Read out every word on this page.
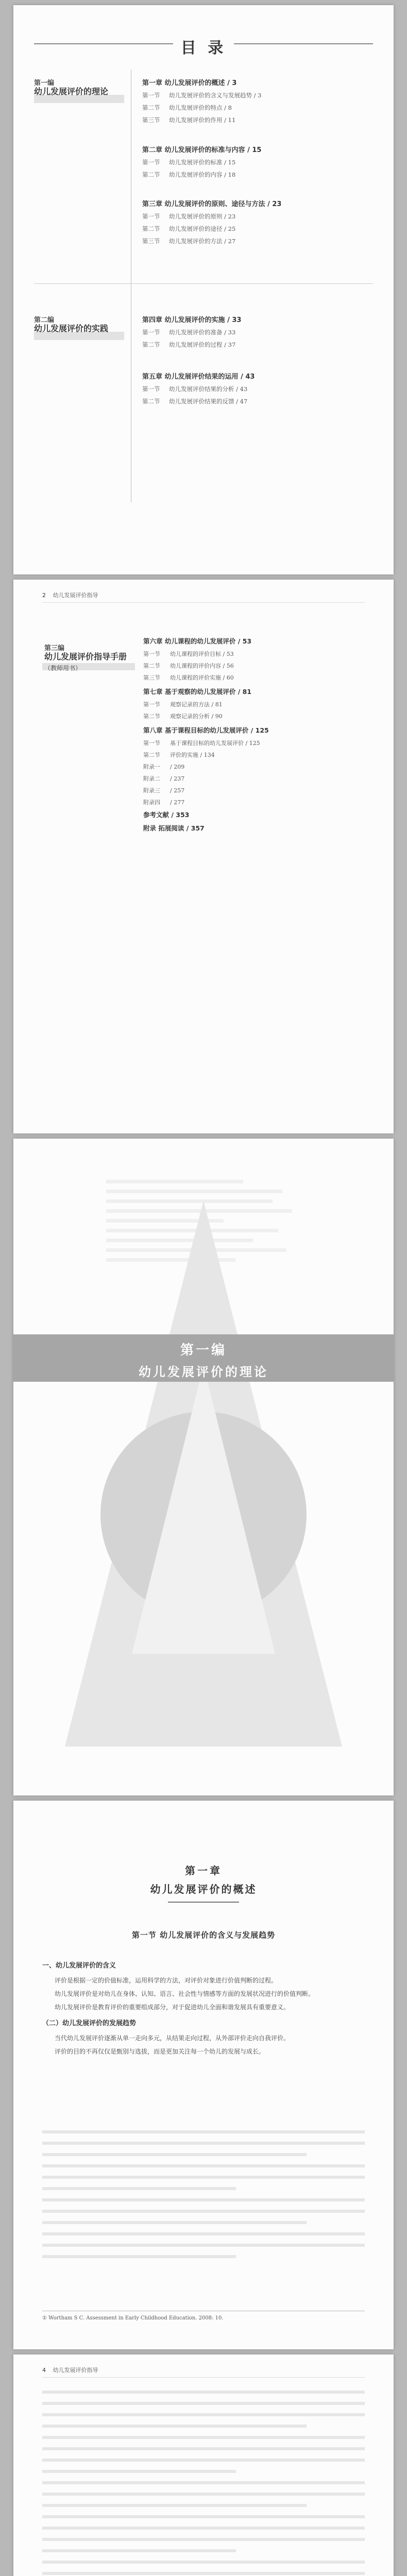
目 录
第一编
幼儿发展评价的理论
第一章 幼儿发展评价的概述 / 3
第一节 幼儿发展评价的含义与发展趋势 / 3
第二节 幼儿发展评价的特点 / 8
第三节 幼儿发展评价的作用 / 11
第二章 幼儿发展评价的标准与内容 / 15
第一节 幼儿发展评价的标准 / 15
第二节 幼儿发展评价的内容 / 18
第三章 幼儿发展评价的原则、途径与方法 / 23
第一节 幼儿发展评价的原则 / 23
第二节 幼儿发展评价的途径 / 25
第三节 幼儿发展评价的方法 / 27
第二编
幼儿发展评价的实践
第四章 幼儿发展评价的实施 / 33
第一节 幼儿发展评价的准备 / 33
第二节 幼儿发展评价的过程 / 37
第五章 幼儿发展评价结果的运用 / 43
第一节 幼儿发展评价结果的分析 / 43
第二节 幼儿发展评价结果的反馈 / 47
2 幼儿发展评价指导
第三编
幼儿发展评价指导手册
（教师用书）
第六章 幼儿课程的幼儿发展评价 / 53
第一节 幼儿课程的评价目标 / 53
第二节 幼儿课程的评价内容 / 56
第三节 幼儿课程的评价实施 / 60
第七章 基于观察的幼儿发展评价 / 81
第一节 观察记录的方法 / 81
第二节 观察记录的分析 / 90
第八章 基于课程目标的幼儿发展评价 / 125
第一节 基于课程目标的幼儿发展评价 / 125
第二节 评价的实施 / 134
附录一 / 209
附录二 / 237
附录三 / 257
附录四 / 277
参考文献 / 353
附录 拓展阅读 / 357
第一编
幼儿发展评价的理论
第一章
幼儿发展评价的概述
第一节 幼儿发展评价的含义与发展趋势
一、幼儿发展评价的含义

评价是根据一定的价值标准，运用科学的方法，对评价对象进行价值判断的过程。

幼儿发展评价是对幼儿在身体、认知、语言、社会性与情感等方面的发展状况进行的价值判断。

幼儿发展评价是教育评价的重要组成部分，对于促进幼儿全面和谐发展具有重要意义。

（二）幼儿发展评价的发展趋势

当代幼儿发展评价逐渐从单一走向多元，从结果走向过程，从外部评价走向自我评价。

评价的目的不再仅仅是甄别与选拔，而是更加关注每一个幼儿的发展与成长。

① Wortham S C. Assessment in Early Childhood Education. 2008: 10.
4 幼儿发展评价指导
